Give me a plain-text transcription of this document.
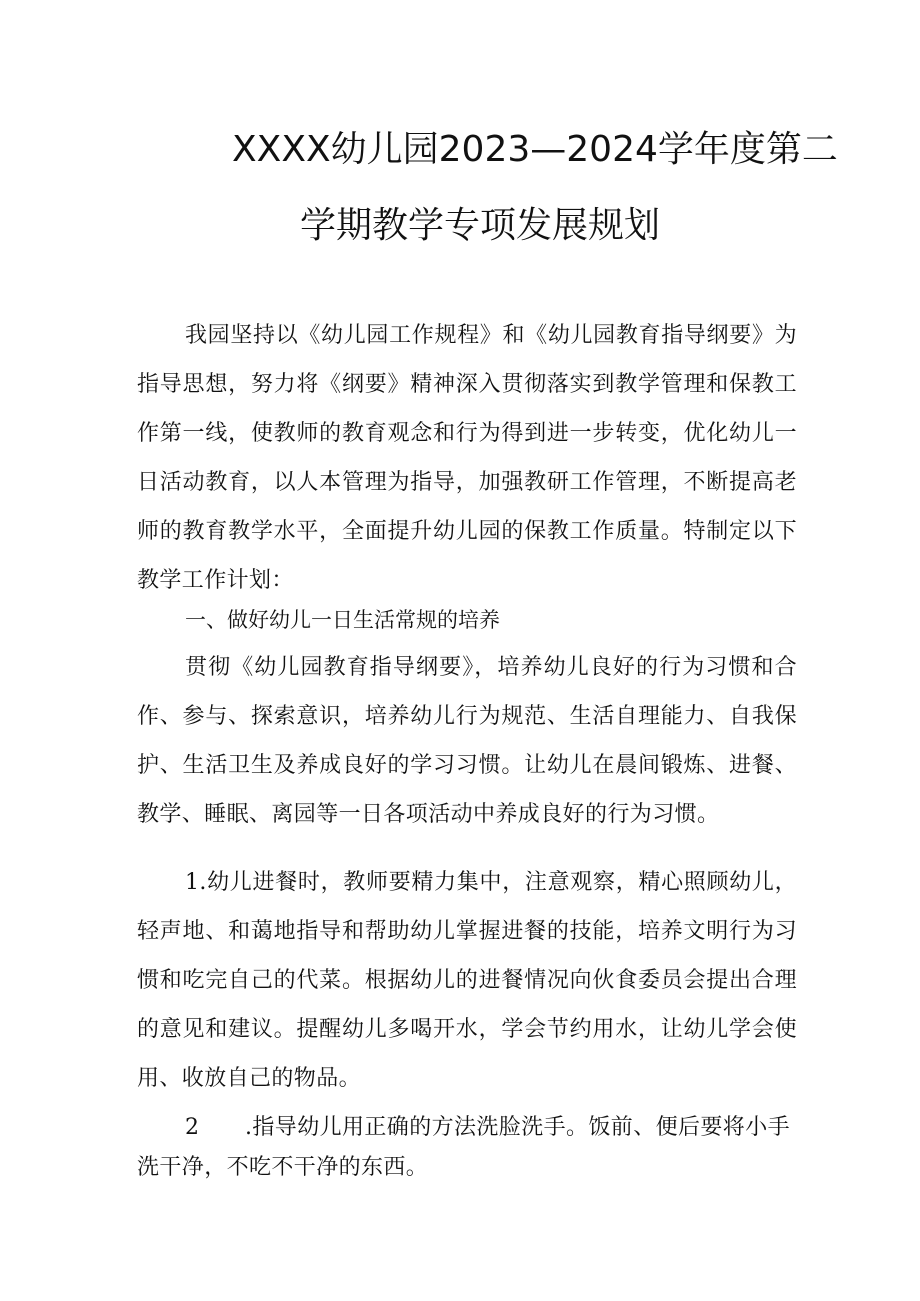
XXXX幼儿园2023—2024学年度第二
学期教学专项发展规划
我园坚持以《幼儿园工作规程》和《幼儿园教育指导纲要》为指导思想，努力将《纲要》精神深入贯彻落实到教学管理和保教工作第一线，使教师的教育观念和行为得到进一步转变，优化幼儿一日活动教育，以人本管理为指导，加强教研工作管理，不断提高老师的教育教学水平，全面提升幼儿园的保教工作质量。特制定以下教学工作计划：
一、做好幼儿一日生活常规的培养
贯彻《幼儿园教育指导纲要》，培养幼儿良好的行为习惯和合作、参与、探索意识，培养幼儿行为规范、生活自理能力、自我保护、生活卫生及养成良好的学习习惯。让幼儿在晨间锻炼、进餐、教学、睡眠、离园等一日各项活动中养成良好的行为习惯。
1.幼儿进餐时，教师要精力集中，注意观察，精心照顾幼儿，轻声地、和蔼地指导和帮助幼儿掌握进餐的技能，培养文明行为习惯和吃完自己的代菜。根据幼儿的进餐情况向伙食委员会提出合理的意见和建议。提醒幼儿多喝开水，学会节约用水，让幼儿学会使用、收放自己的物品。
2 .指导幼儿用正确的方法洗脸洗手。饭前、便后要将小手洗干净，不吃不干净的东西。
